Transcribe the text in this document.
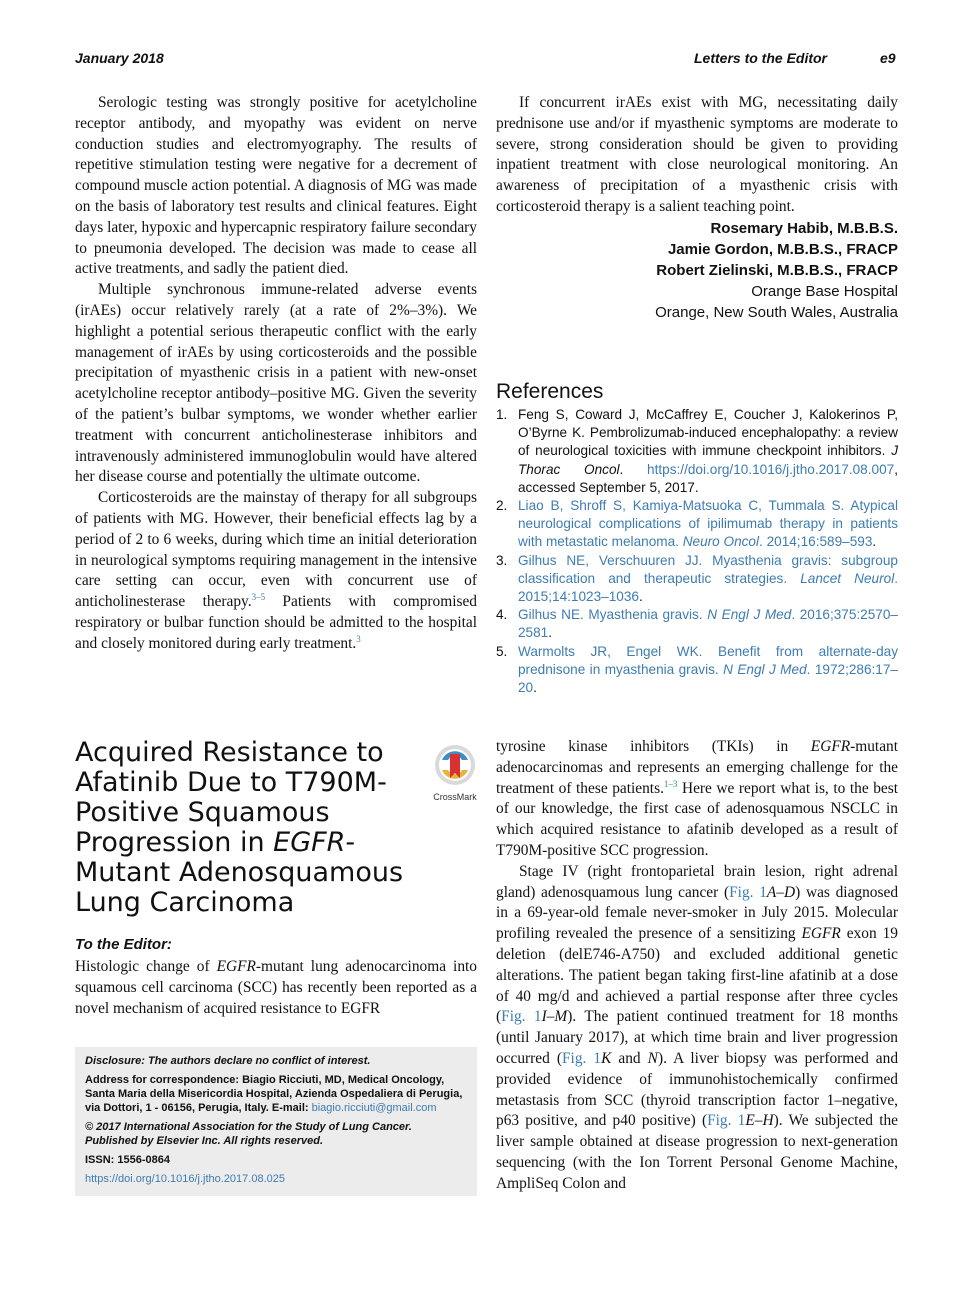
January 2018	Letters to the Editor	e9

Serologic testing was strongly positive for acetylcholine receptor antibody, and myopathy was evident on nerve conduction studies and electromyography. The results of repetitive stimulation testing were negative for a decrement of compound muscle action potential. A diagnosis of MG was made on the basis of laboratory test results and clinical features. Eight days later, hypoxic and hypercapnic respiratory failure secondary to pneumonia developed. The decision was made to cease all active treatments, and sadly the patient died.

Multiple synchronous immune-related adverse events (irAEs) occur relatively rarely (at a rate of 2%–3%). We highlight a potential serious therapeutic conflict with the early management of irAEs by using corticosteroids and the possible precipitation of myasthenic crisis in a patient with new-onset acetylcholine receptor antibody–positive MG. Given the severity of the patient’s bulbar symptoms, we wonder whether earlier treatment with concurrent anticholinesterase inhibitors and intravenously administered immunoglobulin would have altered her disease course and potentially the ultimate outcome.

Corticosteroids are the mainstay of therapy for all subgroups of patients with MG. However, their beneficial effects lag by a period of 2 to 6 weeks, during which time an initial deterioration in neurological symptoms requiring management in the intensive care setting can occur, even with concurrent use of anticholinesterase therapy.$^{3-5}$ Patients with compromised respiratory or bulbar function should be admitted to the hospital and closely monitored during early treatment.$^3$

If concurrent irAEs exist with MG, necessitating daily prednisone use and/or if myasthenic symptoms are moderate to severe, strong consideration should be given to providing inpatient treatment with close neurological monitoring. An awareness of precipitation of a myasthenic crisis with corticosteroid therapy is a salient teaching point.

Rosemary Habib, M.B.B.S.
Jamie Gordon, M.B.B.S., FRACP
Robert Zielinski, M.B.B.S., FRACP
Orange Base Hospital
Orange, New South Wales, Australia
References
1. Feng S, Coward J, McCaffrey E, Coucher J, Kalokerinos P, O’Byrne K. Pembrolizumab-induced encephalopathy: a review of neurological toxicities with immune checkpoint inhibitors. J Thorac Oncol. https://doi.org/10.1016/j.jtho.2017.08.007, accessed September 5, 2017.
2. Liao B, Shroff S, Kamiya-Matsuoka C, Tummala S. Atypical neurological complications of ipilimumab therapy in patients with metastatic melanoma. Neuro Oncol. 2014;16:589–593.
3. Gilhus NE, Verschuuren JJ. Myasthenia gravis: subgroup classification and therapeutic strategies. Lancet Neurol. 2015;14:1023–1036.
4. Gilhus NE. Myasthenia gravis. N Engl J Med. 2016;375:2570–2581.
5. Warmolts JR, Engel WK. Benefit from alternate-day prednisone in myasthenia gravis. N Engl J Med. 1972;286:17–20.
Acquired Resistance to Afatinib Due to T790M-Positive Squamous Progression in EGFR-Mutant Adenosquamous Lung Carcinoma
CrossMark

To the Editor:

Histologic change of EGFR-mutant lung adenocarcinoma into squamous cell carcinoma (SCC) has recently been reported as a novel mechanism of acquired resistance to EGFR

Disclosure: The authors declare no conflict of interest.

Address for correspondence: Biagio Ricciuti, MD, Medical Oncology, Santa Maria della Misericordia Hospital, Azienda Ospedaliera di Perugia, via Dottori, 1 - 06156, Perugia, Italy. E-mail: biagio.ricciuti@gmail.com

© 2017 International Association for the Study of Lung Cancer. Published by Elsevier Inc. All rights reserved.

ISSN: 1556-0864

https://doi.org/10.1016/j.jtho.2017.08.025

tyrosine kinase inhibitors (TKIs) in EGFR-mutant adenocarcinomas and represents an emerging challenge for the treatment of these patients.$^{1-3}$ Here we report what is, to the best of our knowledge, the first case of adenosquamous NSCLC in which acquired resistance to afatinib developed as a result of T790M-positive SCC progression.

Stage IV (right frontoparietal brain lesion, right adrenal gland) adenosquamous lung cancer (Fig. 1A–D) was diagnosed in a 69-year-old female never-smoker in July 2015. Molecular profiling revealed the presence of a sensitizing EGFR exon 19 deletion (delE746-A750) and excluded additional genetic alterations. The patient began taking first-line afatinib at a dose of 40 mg/d and achieved a partial response after three cycles (Fig. 1I–M). The patient continued treatment for 18 months (until January 2017), at which time brain and liver progression occurred (Fig. 1K and N). A liver biopsy was performed and provided evidence of immunohistochemically confirmed metastasis from SCC (thyroid transcription factor 1–negative, p63 positive, and p40 positive) (Fig. 1E–H). We subjected the liver sample obtained at disease progression to next-generation sequencing (with the Ion Torrent Personal Genome Machine, AmpliSeq Colon and
